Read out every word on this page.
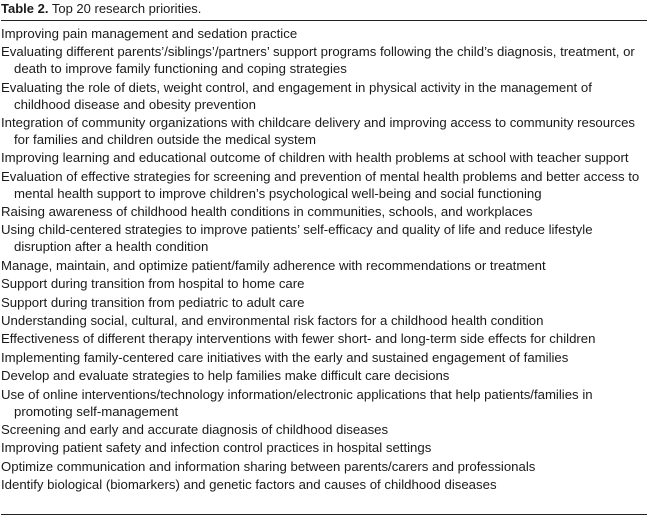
Table 2. Top 20 research priorities.
Improving pain management and sedation practice
Evaluating different parents’/siblings’/partners’ support programs following the child’s diagnosis, treatment, or death to improve family functioning and coping strategies
Evaluating the role of diets, weight control, and engagement in physical activity in the management of childhood disease and obesity prevention
Integration of community organizations with childcare delivery and improving access to community resources for families and children outside the medical system
Improving learning and educational outcome of children with health problems at school with teacher support
Evaluation of effective strategies for screening and prevention of mental health problems and better access to mental health support to improve children’s psychological well-being and social functioning
Raising awareness of childhood health conditions in communities, schools, and workplaces
Using child-centered strategies to improve patients’ self-efficacy and quality of life and reduce lifestyle disruption after a health condition
Manage, maintain, and optimize patient/family adherence with recommendations or treatment
Support during transition from hospital to home care
Support during transition from pediatric to adult care
Understanding social, cultural, and environmental risk factors for a childhood health condition
Effectiveness of different therapy interventions with fewer short- and long-term side effects for children
Implementing family-centered care initiatives with the early and sustained engagement of families
Develop and evaluate strategies to help families make difficult care decisions
Use of online interventions/technology information/electronic applications that help patients/families in promoting self-management
Screening and early and accurate diagnosis of childhood diseases
Improving patient safety and infection control practices in hospital settings
Optimize communication and information sharing between parents/carers and professionals
Identify biological (biomarkers) and genetic factors and causes of childhood diseases
